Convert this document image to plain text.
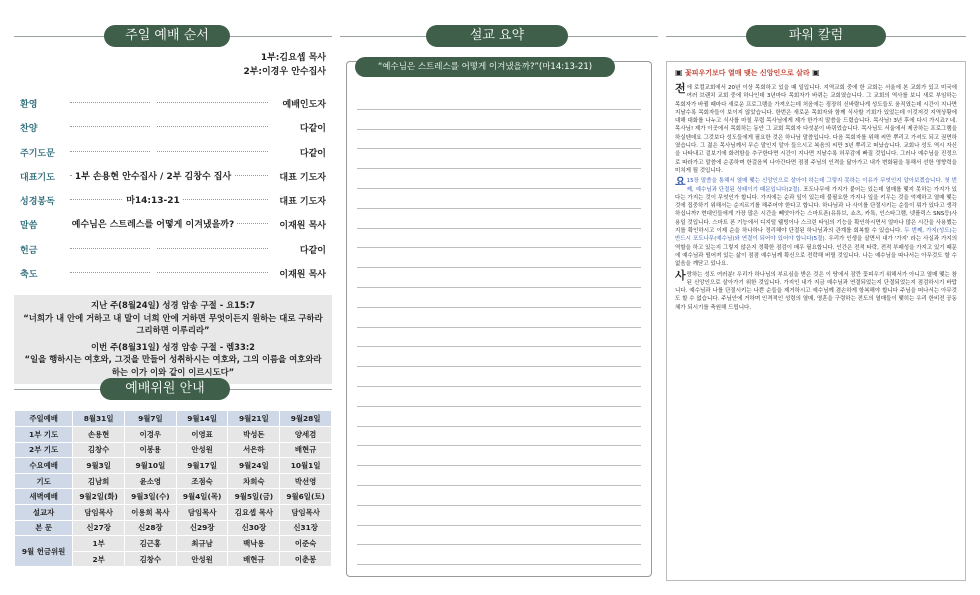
주일 예배 순서
1부:김요셉 목사
2부:이경우 안수집사
환영	예배인도자
찬양	다같이
주기도문	다같이
대표기도	1부 손용현 안수집사 / 2부 김창수 집사	대표 기도자
성경봉독	마14:13-21	대표 기도자
말씀	예수님은 스트레스를 어떻게 이겨냈을까?	이재원 목사
헌금	다같이
축도	이재원 목사
지난 주(8월24일) 성경 암송 구절 - 요15:7
“너희가 내 안에 거하고 내 말이 너희 안에 거하면 무엇이든지 원하는 대로 구하라 그리하면 이루리라”
이번 주(8월31일) 성경 암송 구절 - 렘33:2
“일을 행하시는 여호와, 그것을 만들어 성취하시는 여호와, 그의 이름을 여호와라 하는 이가 이와 같이 이르시도다”
예배위원 안내
주일예배	8월31일	9월7일	9월14일	9월21일	9월28일
1부 기도	손용현	이경우	이영표	박성돈	양세겸
2부 기도	김창수	이봉용	안성원	서은하	배현규
수요예배	9월3일	9월10일	9월17일	9월24일	10월1일
기도	김남희	윤소영	조점숙	차희숙	박선영
새벽예배	9월2일(화)	9월3일(수)	9월4일(목)	9월5일(금)	9월6일(토)
설교자	담임목사	이용희 목사	담임목사	김요셉 목사	담임목사
본 문	신27장	신28장	신29장	신30장	신31장
9월 헌금위원	1부	김근홍	최규남	백낙용	이준숙
	2부	김창수	안성원	배현규	이춘봉
설교 요약
“예수님은 스트레스를 어떻게 이겨냈을까?”(마14:13-21)
파워 칼럼
▣ 꽃피우기보다 열매 맺는 신앙인으로 살라 ▣

전에 로컬교회에서 20년 이상 목회하고 있을 때 일입니다. 지역교회 중에 한 교회는 서울에 본 교회가 있고 미국에 여러 브랜치 교회 중에 하나인데 3년마다 목회자가 바뀌는 교회였습니다. 그 교회의 역사를 보니 새로 부임하는 목회자가 바뀔 때마다 새로운 프로그램을 가져오는데 처음에는 굉장히 신바람나게 성도들도 움직였는데 시간이 지나면 지날수록 목회자들이 보이지 않았습니다. 한번은 새로운 목회자와 함께 식사할 기회가 있었는데 이것저것 지역상황에 대해 대화를 나누고 식사를 마칠 무렵 목사님에게 제가 한가지 말씀을 드렸습니다. 목사님! 3년 후에 다시 가시죠? 네. 목사님! 제가 이곳에서 목회하는 동안 그 교회 목회자 다섯분이 바뀌었습니다. 목사님도 서울에서 제공하는 프로그램을 하실텐데요 그것보다 성도들에게 필요한 것은 하나님 말씀입니다. 다음 목회자를 위해 씨만 뿌리고 가셔도 되고 권면하였습니다. 그 젊은 목사님께서 무슨 말인지 알아 들으시고 복음의 씨만 3년 뿌리고 떠났습니다. 교회나 성도 역시 자신을 나타내고 겉보기에 화려함을 추구한다면 시간이 지나면 지날수록 허무감에 빠질 것입니다. 그러나 예수님을 진정으로 따라가고 말씀에 순종하며 한걸음씩 나아간다면 점점 주님의 인격을 닮아가고 내가 변화됨을 통해서 선한 영향력을 미치게 될 것입니다.

요 15장 말씀을 통해서 열매 맺는 신앙인으로 살아야 하는데 그렇지 못하는 이유가 무엇인지 알아보겠습니다. 첫 번째, 예수님과 단절된 상태이기 때문입니다(2절). 포도나무에 가지가 붙어는 있는데 열매를 맺지 못하는 가지가 있다는 가지는 것이 무엇인가 합니다. 가지에는 순과 잎이 있는데 불필요한 가지나 잎을 키우는 것을 억제하고 열매 맺는 것에 집중하기 위해서는 순지르기를 해주어야 한다고 합니다. 하나님과 나 사이를 단절시키는 순들이 뭐가 있다고 생각하십니까? 현대인들에게 가장 많은 시간을 빼앗아가는 스마트폰(유튜브, 쇼츠, 카톡, 인스타그램, 넷플릭스 SNS등)사용일 것입니다. 스마트 폰 기능에서 디지털 웰빙이나 스크린 타임의 기능을 확인하시면서 얼마나 많은 시간을 사용했는지를 확인하시고 이제 순을 하나하나 정리해야 단절된 하나님과의 관계를 회복할 수 있습니다. 두 번째, 가지(성도)는 반드시 포도나무(예수님)와 연결이 되어야 있어야 합니다(5절). 우리가 인생을 살면서 내가 '가지' 라는 사실과 가지의 역할을 하고 있는지 그렇지 않은지 정확한 점검이 매우 필요합니다. 인간은 전적 타락, 전적 부패성을 가지고 있기 때문에 예수님과 떨어져 있는 삶이 점점 예수님께 확신으로 전락해 버릴 것입니다. 나는 예수님을 따나서는 아무것도 할 수 없음을 깨닫고 있나요.

사랑하는 성도 여러분! 우리가 하나님의 부르심을 받은 것은 이 땅에서 잠깐 꽃피우기 위해서가 아니고 열매 맺는 참된 신앙인으로 살아가기 위한 것입니다. 가지인 내가 지금 예수님과 연결되었는지 단절되었는지 점검하시기 바랍니다. 예수님과 나를 단절시키는 나쁜 순들을 제거하시고 예수님께 겸손하게 항복해야 합니다 주님을 떠나서는 아무것도 할 수 없습니다. 주님안에 거하며 인격적인 성령의 열매, 영혼을 구령하는 전도의 열매들이 맺히는 우리 한비전 공동체가 되시기를 축원해 드립니다.
